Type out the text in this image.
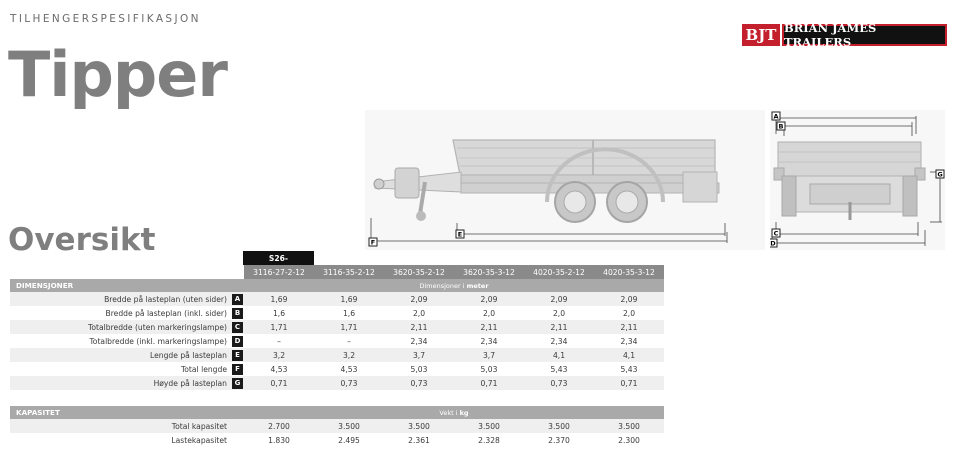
TILHENGERSPESIFIKASJON
Tipper
Oversikt
BJT BRIAN JAMES TRAILERS
F
E
A
B
G
C
D
S26-
		3116-27-2-12	3116-35-2-12	3620-35-2-12	3620-35-3-12	4020-35-2-12	4020-35-3-12
DIMENSJONER		Dimensjoner i meter					
Bredde på lasteplan (uten sider)	A	1,69	1,69	2,09	2,09	2,09	2,09
Bredde på lasteplan (inkl. sider)	B	1,6	1,6	2,0	2,0	2,0	2,0
Totalbredde (uten markeringslampe)	C	1,71	1,71	2,11	2,11	2,11	2,11
Totalbredde (inkl. markeringslampe)	D	–	–	2,34	2,34	2,34	2,34
Lengde på lasteplan	E	3,2	3,2	3,7	3,7	4,1	4,1
Total lengde	F	4,53	4,53	5,03	5,03	5,43	5,43
Høyde på lasteplan	G	0,71	0,73	0,73	0,71	0,73	0,71
KAPASITET		Vekt i kg					
Total kapasitet		2.700	3.500	3.500	3.500	3.500	3.500
Lastekapasitet		1.830	2.495	2.361	2.328	2.370	2.300
